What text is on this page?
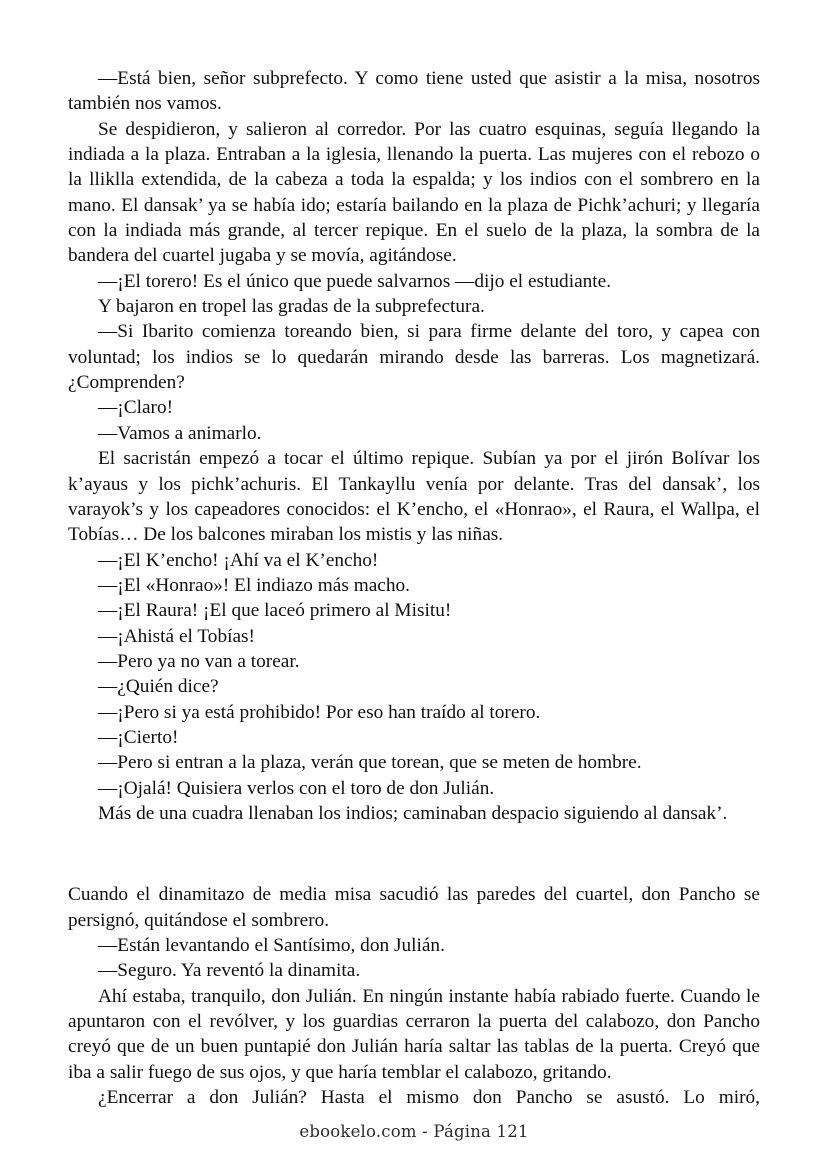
—Está bien, señor subprefecto. Y como tiene usted que asistir a la misa, nosotros también nos vamos.

Se despidieron, y salieron al corredor. Por las cuatro esquinas, seguía llegando la indiada a la plaza. Entraban a la iglesia, llenando la puerta. Las mujeres con el rebozo o la lliklla extendida, de la cabeza a toda la espalda; y los indios con el sombrero en la mano. El dansak’ ya se había ido; estaría bailando en la plaza de Pichk’achuri; y llegaría con la indiada más grande, al tercer repique. En el suelo de la plaza, la sombra de la bandera del cuartel jugaba y se movía, agitándose.

—¡El torero! Es el único que puede salvarnos —dijo el estudiante.

Y bajaron en tropel las gradas de la subprefectura.

—Si Ibarito comienza toreando bien, si para firme delante del toro, y capea con voluntad; los indios se lo quedarán mirando desde las barreras. Los magnetizará. ¿Comprenden?

—¡Claro!

—Vamos a animarlo.

El sacristán empezó a tocar el último repique. Subían ya por el jirón Bolívar los k’ayaus y los pichk’achuris. El Tankayllu venía por delante. Tras del dansak’, los varayok’s y los capeadores conocidos: el K’encho, el «Honrao», el Raura, el Wallpa, el Tobías… De los balcones miraban los mistis y las niñas.

—¡El K’encho! ¡Ahí va el K’encho!

—¡El «Honrao»! El indiazo más macho.

—¡El Raura! ¡El que laceó primero al Misitu!

—¡Ahistá el Tobías!

—Pero ya no van a torear.

—¿Quién dice?

—¡Pero si ya está prohibido! Por eso han traído al torero.

—¡Cierto!

—Pero si entran a la plaza, verán que torean, que se meten de hombre.

—¡Ojalá! Quisiera verlos con el toro de don Julián.

Más de una cuadra llenaban los indios; caminaban despacio siguiendo al dansak’.

Cuando el dinamitazo de media misa sacudió las paredes del cuartel, don Pancho se persignó, quitándose el sombrero.

—Están levantando el Santísimo, don Julián.

—Seguro. Ya reventó la dinamita.

Ahí estaba, tranquilo, don Julián. En ningún instante había rabiado fuerte. Cuando le apuntaron con el revólver, y los guardias cerraron la puerta del calabozo, don Pancho creyó que de un buen puntapié don Julián haría saltar las tablas de la puerta. Creyó que iba a salir fuego de sus ojos, y que haría temblar el calabozo, gritando.

¿Encerrar a don Julián? Hasta el mismo don Pancho se asustó. Lo miró,

ebookelo.com - Página 121
